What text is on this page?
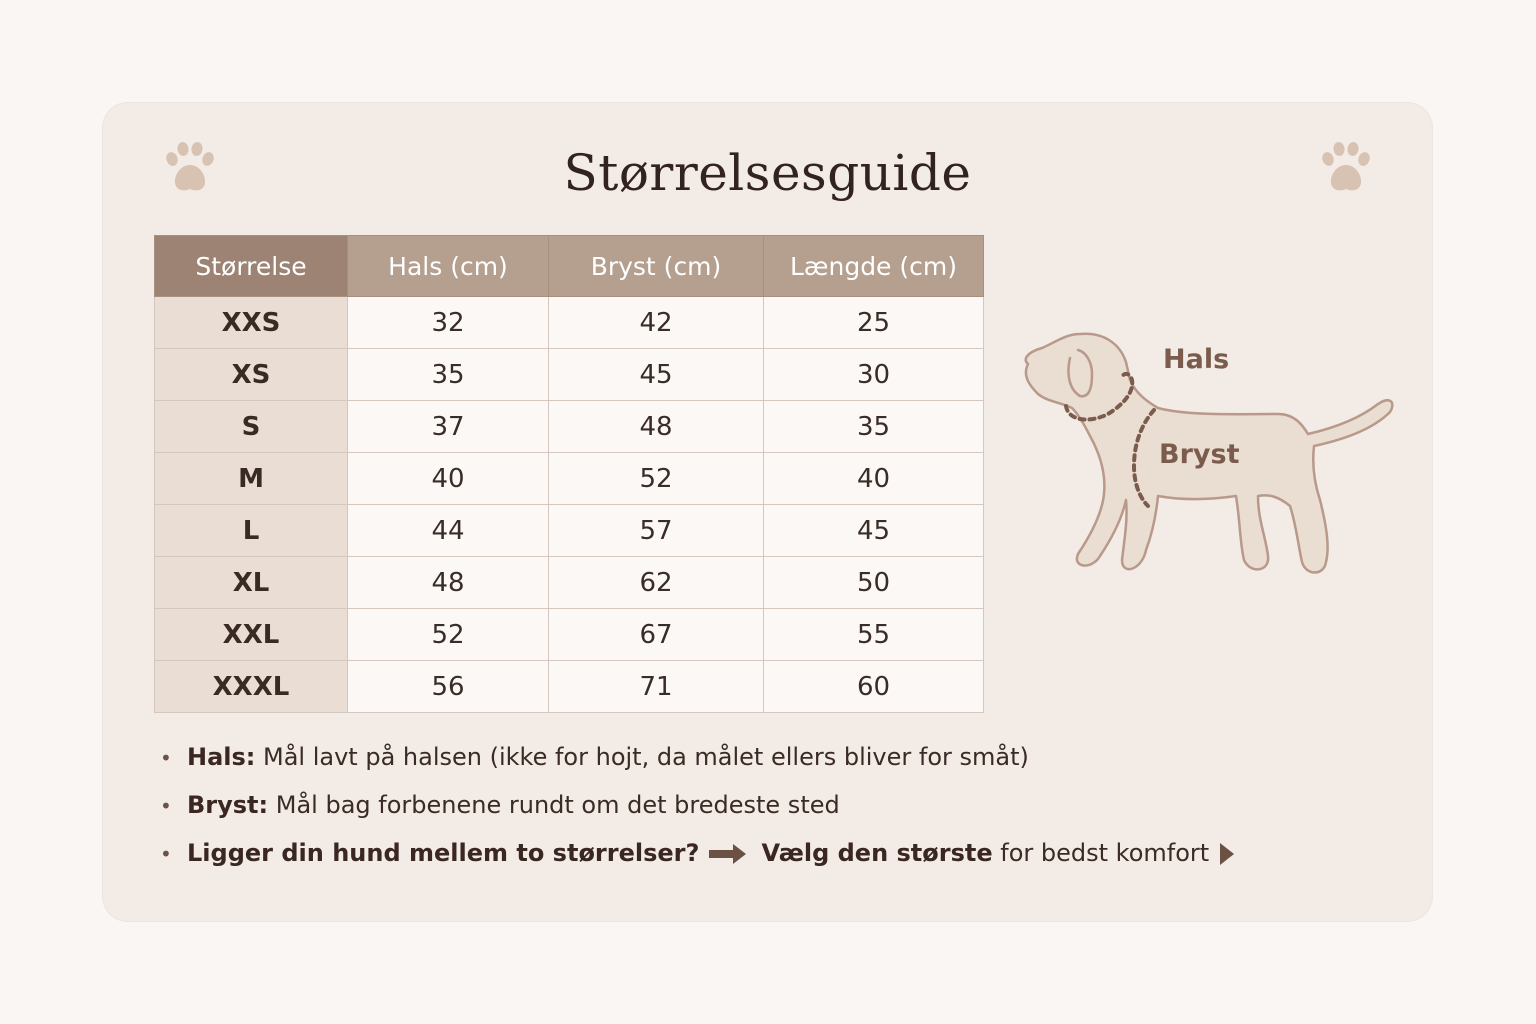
Størrelsesguide
Størrelse	Hals (cm)	Bryst (cm)	Længde (cm)
XXS	32	42	25
XS	35	45	30
S	37	48	35
M	40	52	40
L	44	57	45
XL	48	62	50
XXL	52	67	55
XXXL	56	71	60
Hals
Bryst
• Hals: Mål lavt på halsen (ikke for hojt, da målet ellers bliver for småt)
• Bryst: Mål bag forbenene rundt om det bredeste sted
• Ligger din hund mellem to størrelser?	Vælg den største for bedst komfort
